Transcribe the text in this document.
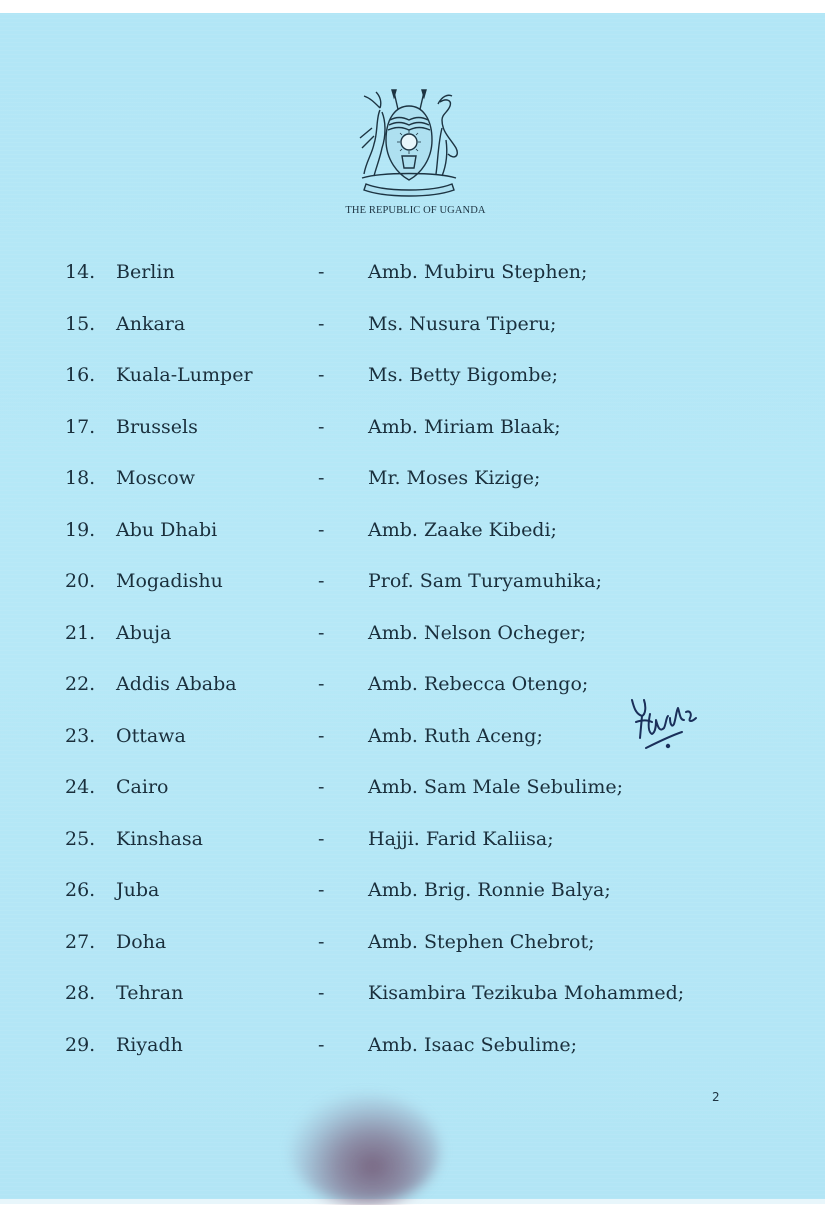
THE REPUBLIC OF UGANDA
14. Berlin	- Amb. Mubiru Stephen;
15. Ankara	- Ms. Nusura Tiperu;
16. Kuala-Lumper	- Ms. Betty Bigombe;
17. Brussels	- Amb. Miriam Blaak;
18. Moscow	- Mr. Moses Kizige;
19. Abu Dhabi	- Amb. Zaake Kibedi;
20. Mogadishu	- Prof. Sam Turyamuhika;
21. Abuja	- Amb. Nelson Ocheger;
22. Addis Ababa	- Amb. Rebecca Otengo;
23. Ottawa	- Amb. Ruth Aceng;
24. Cairo	- Amb. Sam Male Sebulime;
25. Kinshasa	- Hajji. Farid Kaliisa;
26. Juba	- Amb. Brig. Ronnie Balya;
27. Doha	- Amb. Stephen Chebrot;
28. Tehran	- Kisambira Tezikuba Mohammed;
29. Riyadh	- Amb. Isaac Sebulime;
2
